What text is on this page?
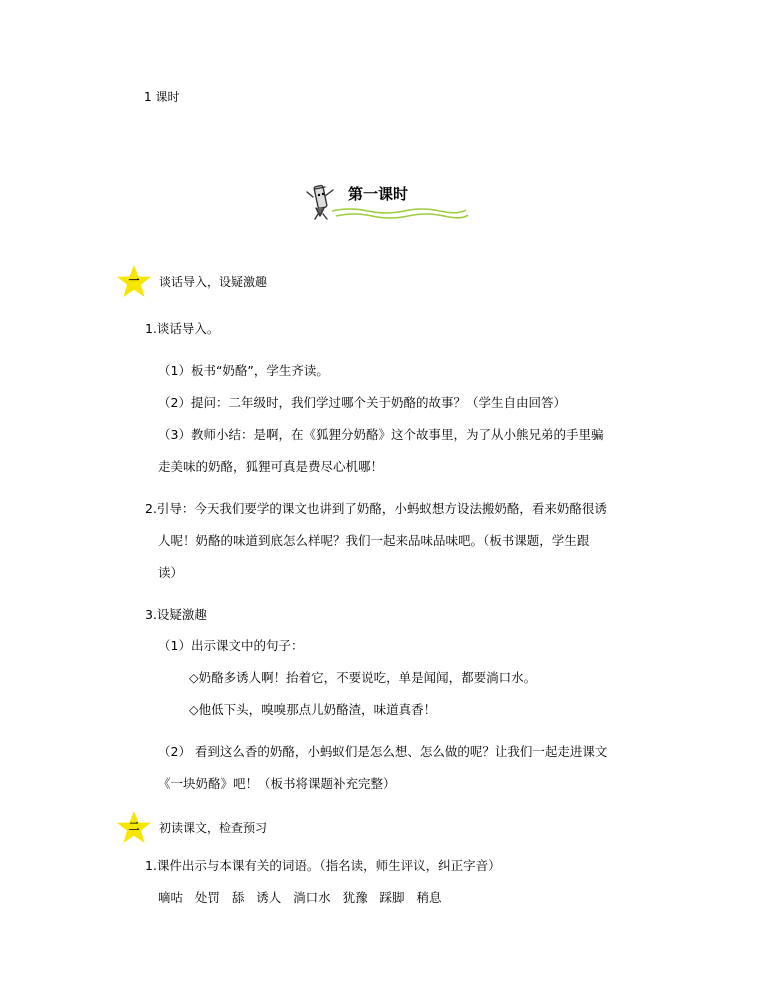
1 课时
第一课时
一	谈话导入，设疑激趣
1.谈话导入。
（1）板书“奶酪”，学生齐读。
（2）提问：二年级时，我们学过哪个关于奶酪的故事？（学生自由回答）
（3）教师小结：是啊，在《狐狸分奶酪》这个故事里，为了从小熊兄弟的手里骗
走美味的奶酪，狐狸可真是费尽心机哪！
2.引导：今天我们要学的课文也讲到了奶酪，小蚂蚁想方设法搬奶酪，看来奶酪很诱
人呢！奶酪的味道到底怎么样呢？我们一起来品味品味吧。（板书课题，学生跟
读）
3.设疑激趣
（1）出示课文中的句子：
◇奶酪多诱人啊！抬着它，不要说吃，单是闻闻，都要淌口水。
◇他低下头，嗅嗅那点儿奶酪渣，味道真香！
（2） 看到这么香的奶酪，小蚂蚁们是怎么想、怎么做的呢？让我们一起走进课文
《一块奶酪》吧！（板书将课题补充完整）
二	初读课文，检查预习
1.课件出示与本课有关的词语。（指名读，师生评议，纠正字音）
嘀咕   处罚   舔   诱人   淌口水   犹豫   踩脚   稍息
